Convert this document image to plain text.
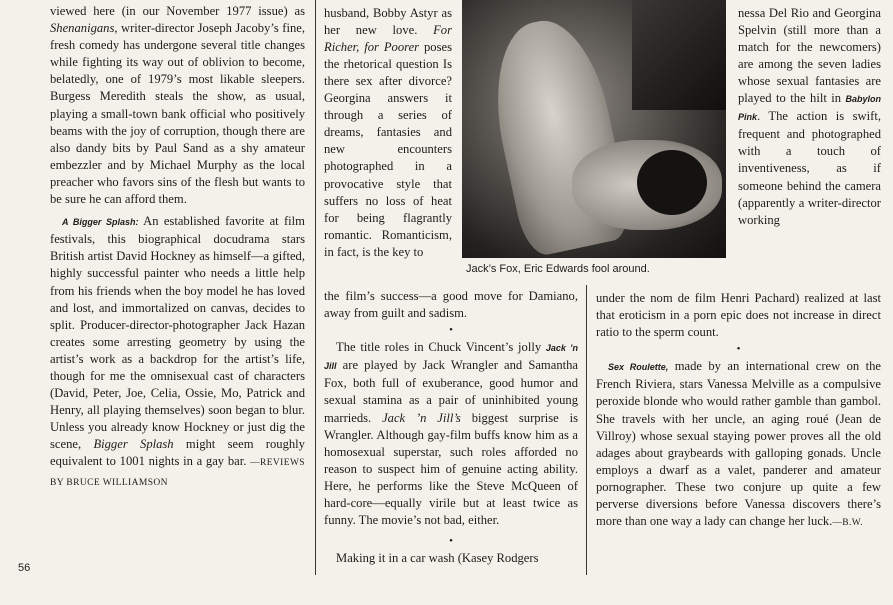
viewed here (in our November 1977 issue) as Shenanigans, writer-director Joseph Jacoby’s fine, fresh comedy has undergone several title changes while fighting its way out of oblivion to become, belatedly, one of 1979’s most likable sleepers. Burgess Meredith steals the show, as usual, playing a small-town bank official who positively beams with the joy of corruption, though there are also dandy bits by Paul Sand as a shy amateur embezzler and by Michael Murphy as the local preacher who favors sins of the flesh but wants to be sure he can afford them.

A Bigger Splash: An established favorite at film festivals, this biographical docudrama stars British artist David Hockney as himself—a gifted, highly successful painter who needs a little help from his friends when the boy model he has loved and lost, and immortalized on canvas, decides to split. Producer-director-photographer Jack Hazan creates some arresting geometry by using the artist’s work as a backdrop for the artist’s life, though for me the omnisexual cast of characters (David, Peter, Joe, Celia, Ossie, Mo, Patrick and Henry, all playing themselves) soon began to blur. Unless you already know Hockney or just dig the scene, Bigger Splash might seem roughly equivalent to 1001 nights in a gay bar. —REVIEWS BY BRUCE WILLIAMSON

husband, Bobby Astyr as her new love. For Richer, for Poorer poses the rhetorical question Is there sex after divorce? Georgina answers it through a series of dreams, fantasies and new encounters photographed in a provocative style that suffers no loss of heat for being flagrantly romantic. Romanticism, in fact, is the key to

Jack’s Fox, Eric Edwards fool around.

nessa Del Rio and Georgina Spelvin (still more than a match for the newcomers) are among the seven ladies whose sexual fantasies are played to the hilt in Babylon Pink. The action is swift, frequent and photographed with a touch of inventiveness, as if someone behind the camera (apparently a writer-director working

the film’s success—a good move for Damiano, away from guilt and sadism.

•

The title roles in Chuck Vincent’s jolly Jack ’n Jill are played by Jack Wrangler and Samantha Fox, both full of exuberance, good humor and sexual stamina as a pair of uninhibited young marrieds. Jack ’n Jill’s biggest surprise is Wrangler. Although gay-film buffs know him as a homosexual superstar, such roles afforded no reason to suspect him of genuine acting ability. Here, he performs like the Steve McQueen of hard-core—equally virile but at least twice as funny. The movie’s not bad, either.

•

Making it in a car wash (Kasey Rodgers

under the nom de film Henri Pachard) realized at last that eroticism in a porn epic does not increase in direct ratio to the sperm count.

•

Sex Roulette, made by an international crew on the French Riviera, stars Vanessa Melville as a compulsive peroxide blonde who would rather gamble than gambol. She travels with her uncle, an aging roué (Jean de Villroy) whose sexual staying power proves all the old adages about graybeards with galloping gonads. Uncle employs a dwarf as a valet, panderer and amateur pornographer. These two conjure up quite a few perverse diversions before Vanessa discovers there’s more than one way a lady can change her luck.—B.W.

56
